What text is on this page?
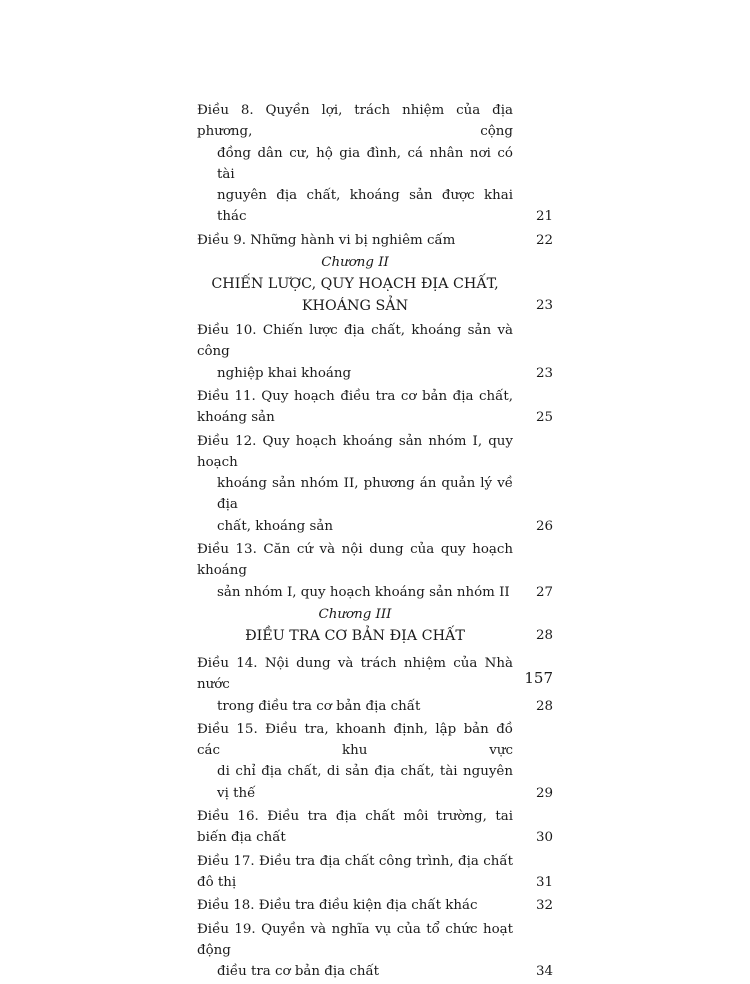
Điều 8. Quyền lợi, trách nhiệm của địa phương, cộng
đồng dân cư, hộ gia đình, cá nhân nơi có tài
nguyên địa chất, khoáng sản được khai thác	21
Điều 9. Những hành vi bị nghiêm cấm	22
Chương II
CHIẾN LƯỢC, QUY HOẠCH ĐỊA CHẤT,
KHOÁNG SẢN	23
Điều 10. Chiến lược địa chất, khoáng sản và công
nghiệp khai khoáng	23
Điều 11. Quy hoạch điều tra cơ bản địa chất, khoáng sản	25
Điều 12. Quy hoạch khoáng sản nhóm I, quy hoạch
khoáng sản nhóm II, phương án quản lý về địa
chất, khoáng sản	26
Điều 13. Căn cứ và nội dung của quy hoạch khoáng
sản nhóm I, quy hoạch khoáng sản nhóm II	27
Chương III
ĐIỀU TRA CƠ BẢN ĐỊA CHẤT	28
Điều 14. Nội dung và trách nhiệm của Nhà nước
trong điều tra cơ bản địa chất	28
Điều 15. Điều tra, khoanh định, lập bản đồ các khu vực
di chỉ địa chất, di sản địa chất, tài nguyên vị thế	29
Điều 16. Điều tra địa chất môi trường, tai biến địa chất	30
Điều 17. Điều tra địa chất công trình, địa chất đô thị	31
Điều 18. Điều tra điều kiện địa chất khác	32
Điều 19. Quyền và nghĩa vụ của tổ chức hoạt động
điều tra cơ bản địa chất	34
157
